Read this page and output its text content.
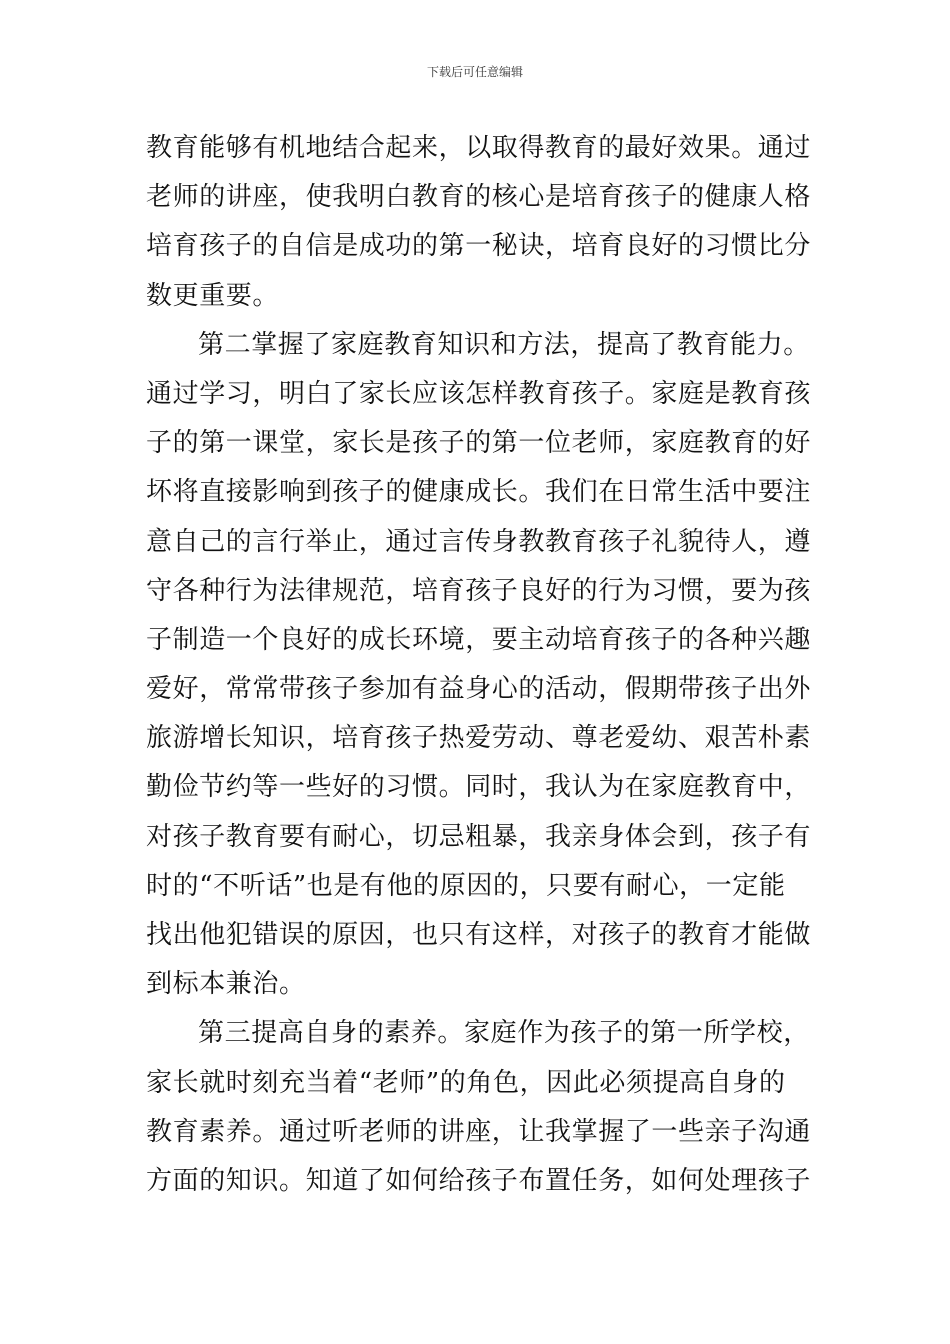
下载后可任意编辑
教育能够有机地结合起来，以取得教育的最好效果。通过
老师的讲座，使我明白教育的核心是培育孩子的健康人格
培育孩子的自信是成功的第一秘诀，培育良好的习惯比分
数更重要。
第二掌握了家庭教育知识和方法，提高了教育能力。
通过学习，明白了家长应该怎样教育孩子。家庭是教育孩
子的第一课堂，家长是孩子的第一位老师，家庭教育的好
坏将直接影响到孩子的健康成长。我们在日常生活中要注
意自己的言行举止，通过言传身教教育孩子礼貌待人，遵
守各种行为法律规范，培育孩子良好的行为习惯，要为孩
子制造一个良好的成长环境，要主动培育孩子的各种兴趣
爱好，常常带孩子参加有益身心的活动，假期带孩子出外
旅游增长知识，培育孩子热爱劳动、尊老爱幼、艰苦朴素
勤俭节约等一些好的习惯。同时，我认为在家庭教育中，
对孩子教育要有耐心，切忌粗暴，我亲身体会到，孩子有
时的“不听话”也是有他的原因的，只要有耐心，一定能
找出他犯错误的原因，也只有这样，对孩子的教育才能做
到标本兼治。
第三提高自身的素养。家庭作为孩子的第一所学校，
家长就时刻充当着“老师”的角色，因此必须提高自身的
教育素养。通过听老师的讲座，让我掌握了一些亲子沟通
方面的知识。知道了如何给孩子布置任务，如何处理孩子
